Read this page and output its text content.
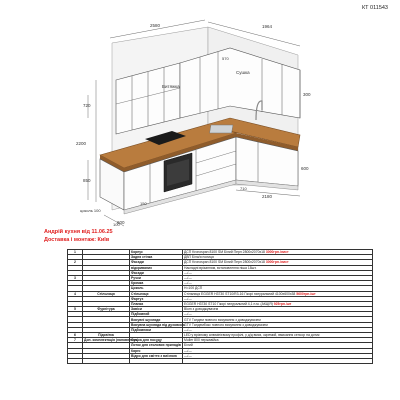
КТ 011543
2580	1964
720
2200
850
600
2180
300
600
570
150
710
100
Сушка
Витяжка
цоколь 100
Андрій кухня від 11.06.25
Доставка і монтаж: Київ
1		Корпус	ДСП Kronospan 8100 SM Білий Перл 2800х2070х18 3000грн./лист
		Задня стінка	ДВП Біла/я полиця
2		Фасади	ДСП Kronospan 8100 SM Білий Перл 2800х2070х18 3000грн./лист
		відкриваних	Накладні врізанням, встановлення ніша 18шт.
		Фасади	—/—
3		Ручки	—/—
		Кромка	—/—
		Цоколь	Н=100 ДСП
4	Стільниця	Стільниця	Стільниця EGGER H3730 ST10/R3-16 Гікорі натуральний 4100х600х38 5600грн./шт
		Фартух	—/—
		Планка	EGGER H3730 ST10 Гікорі натуральний 4,1 п.м. (АКЦІЯ) 925грн./шт
5	Фурнітура	Завіси	Blum з доводжувачем
		Підйомний	—/—
		Висувні шухляди	GTV Тандем повного висування з доводжувачем
		Висувна шухляда під духовкою	GTV Тандембокс повного висування з доводжувачем
		Підйомники	—/—
6	Підсвітка		LED у врізному алюмінієвому профілі, у д/д вмиз, окремий, вмикання сенсор на дотик
7	Доп. комплектація (наповнення)	Сушка для посуду	Muller 800 нержавійка
		Лоток для столових приладів	Білий
		Карго	—/—
		Відро для сміття з виїзною	—/—
